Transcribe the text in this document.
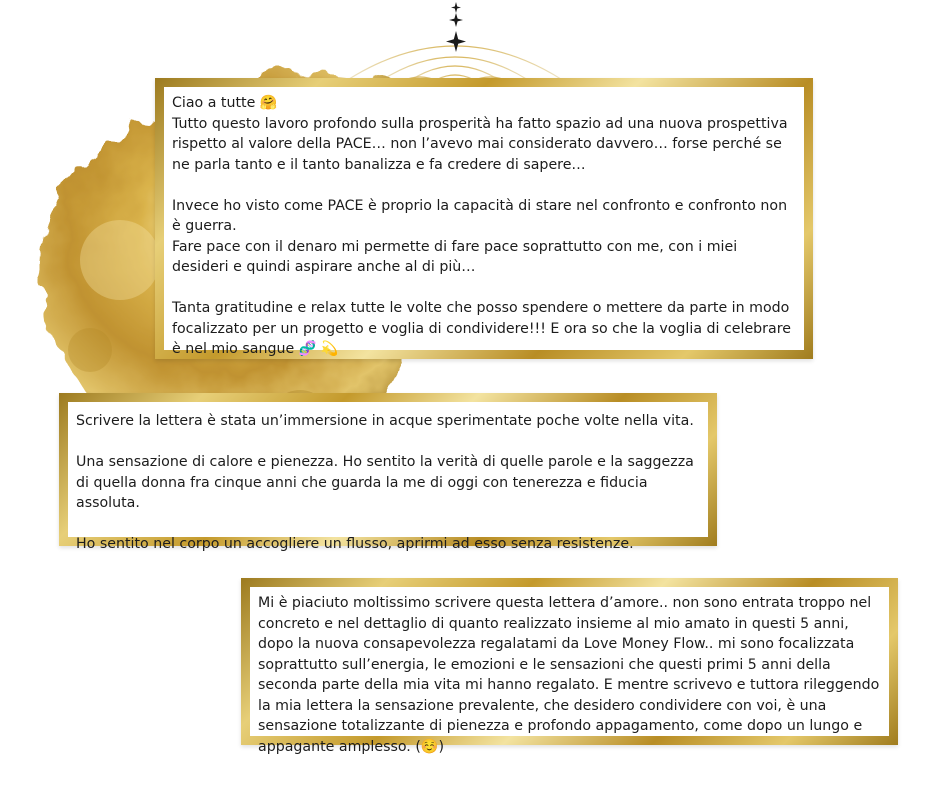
Ciao a tutte 🤗

Tutto questo lavoro profondo sulla prosperità ha fatto spazio ad una nuova prospettiva rispetto al valore della PACE… non l’avevo mai considerato davvero… forse perché se ne parla tanto e il tanto banalizza e fa credere di sapere…

Invece ho visto come PACE è proprio la capacità di stare nel confronto e confronto non è guerra.

Fare pace con il denaro mi permette di fare pace soprattutto con me, con i miei desideri e quindi aspirare anche al di più…

Tanta gratitudine e relax tutte le volte che posso spendere o mettere da parte in modo focalizzato per un progetto e voglia di condividere!!! E ora so che la voglia di celebrare è nel mio sangue 🧬 💫

Scrivere la lettera è stata un’immersione in acque sperimentate poche volte nella vita.

Una sensazione di calore e pienezza. Ho sentito la verità di quelle parole e la saggezza di quella donna fra cinque anni che guarda la me di oggi con tenerezza e fiducia assoluta.

Ho sentito nel corpo un accogliere un flusso, aprirmi ad esso senza resistenze.

Mi è piaciuto moltissimo scrivere questa lettera d’amore.. non sono entrata troppo nel concreto e nel dettaglio di quanto realizzato insieme al mio amato in questi 5 anni, dopo la nuova consapevolezza regalatami da Love Money Flow.. mi sono focalizzata soprattutto sull’energia, le emozioni e le sensazioni che questi primi 5 anni della seconda parte della mia vita mi hanno regalato. E mentre scrivevo e tuttora rileggendo la mia lettera la sensazione prevalente, che desidero condividere con voi, è una sensazione totalizzante di pienezza e profondo appagamento, come dopo un lungo e appagante amplesso. (☺️)
